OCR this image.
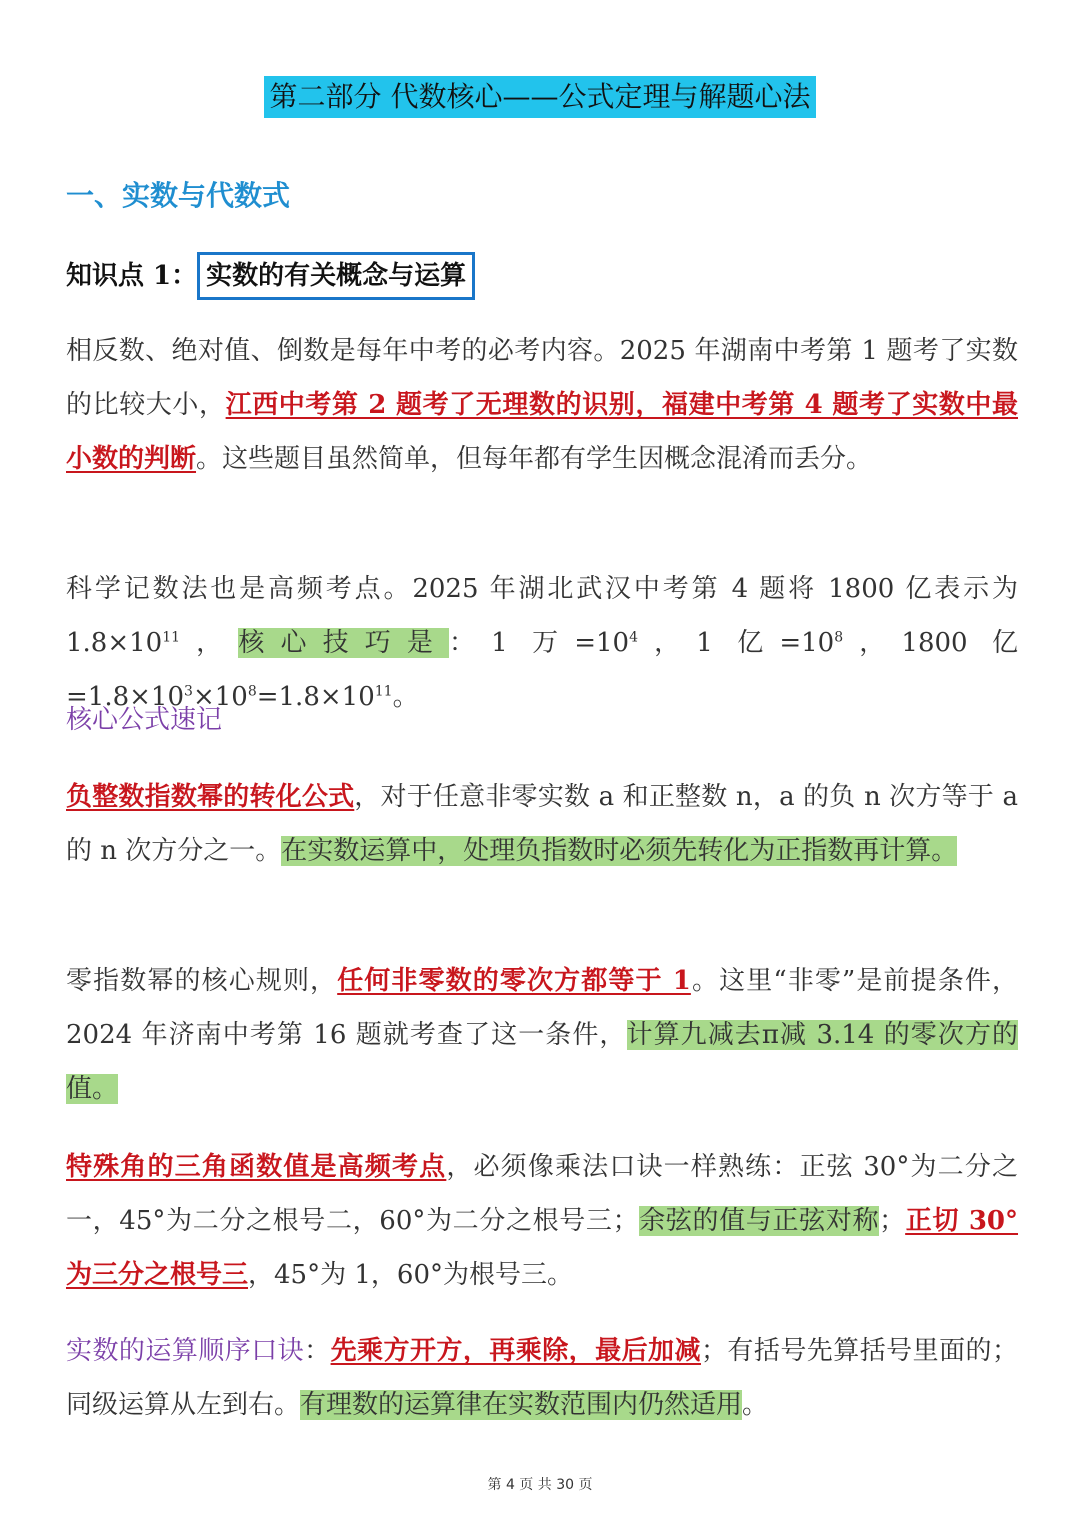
第二部分 代数核心——公式定理与解题心法
一、实数与代数式
知识点 1： 实数的有关概念与运算

相反数、绝对值、倒数是每年中考的必考内容。2025 年湖南中考第 1 题考了实数的比较大小，江西中考第 2 题考了无理数的识别，福建中考第 4 题考了实数中最小数的判断。这些题目虽然简单，但每年都有学生因概念混淆而丢分。

科学记数法也是高频考点。2025 年湖北武汉中考第 4 题将 1800 亿表示为 $1.8\times 10^{11}$，核心技巧是：1 万$=10^4$，1 亿$=10^8$，1800 亿$=1.8\times 10^3\times 10^8=1.8\times 10^{11}$。

核心公式速记

负整数指数幂的转化公式，对于任意非零实数 a 和正整数 n，a 的负 n 次方等于 a 的 n 次方分之一。在实数运算中，处理负指数时必须先转化为正指数再计算。

零指数幂的核心规则，任何非零数的零次方都等于 1。这里“非零”是前提条件，2024 年济南中考第 16 题就考查了这一条件，计算九减去π减 3.14 的零次方的值。

特殊角的三角函数值是高频考点，必须像乘法口诀一样熟练：正弦 30°为二分之一，45°为二分之根号二，60°为二分之根号三；余弦的值与正弦对称；正切 30°为三分之根号三，45°为 1，60°为根号三。

实数的运算顺序口诀：先乘方开方，再乘除，最后加减；有括号先算括号里面的；同级运算从左到右。有理数的运算律在实数范围内仍然适用。

第 4 页 共 30 页
